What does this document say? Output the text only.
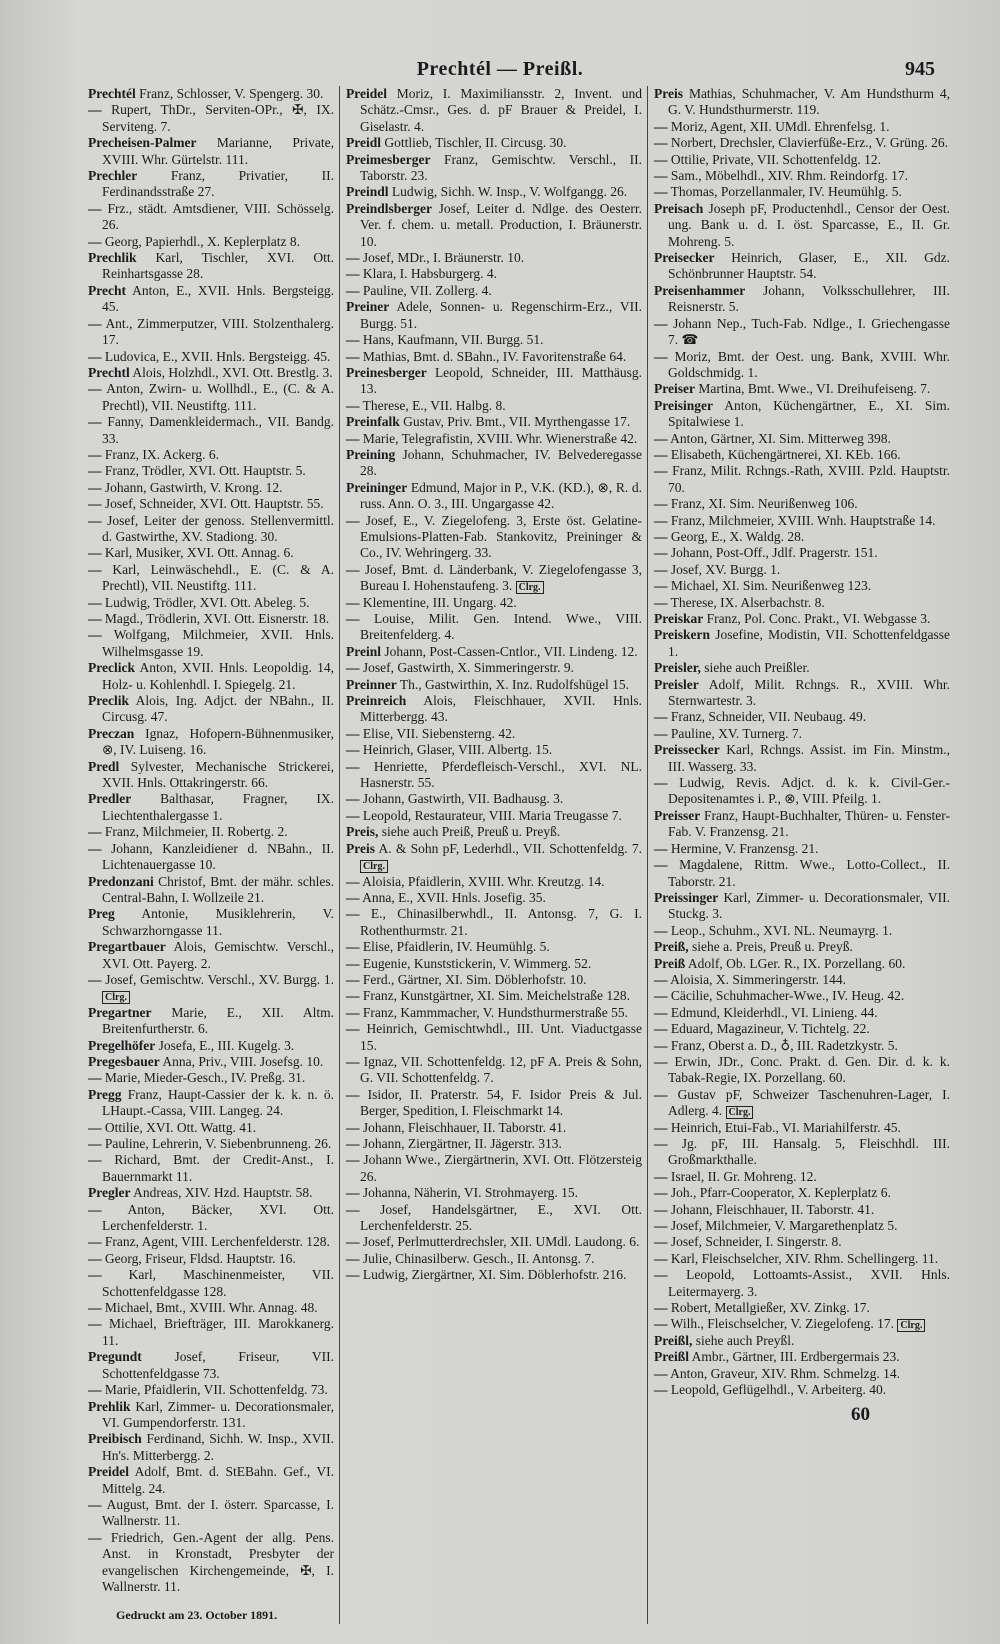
Prechtél — Preißl.	945

Prechtél Franz, Schlosser, V. Spengerg. 30.

— Rupert, ThDr., Serviten-OPr., ✠, IX. Serviteng. 7.

Precheisen-Palmer Marianne, Private, XVIII. Whr. Gürtelstr. 111.

Prechler Franz, Privatier, II. Ferdinandsstraße 27.

— Frz., städt. Amtsdiener, VIII. Schösselg. 26.

— Georg, Papierhdl., X. Keplerplatz 8.

Prechlik Karl, Tischler, XVI. Ott. Reinhartsgasse 28.

Precht Anton, E., XVII. Hnls. Bergsteigg. 45.

— Ant., Zimmerputzer, VIII. Stolzenthalerg. 17.

— Ludovica, E., XVII. Hnls. Bergsteigg. 45.

Prechtl Alois, Holzhdl., XVI. Ott. Brestlg. 3.

— Anton, Zwirn- u. Wollhdl., E., (C. & A. Prechtl), VII. Neustiftg. 111.

— Fanny, Damenkleidermach., VII. Bandg. 33.

— Franz, IX. Ackerg. 6.

— Franz, Trödler, XVI. Ott. Hauptstr. 5.

— Johann, Gastwirth, V. Krong. 12.

— Josef, Schneider, XVI. Ott. Hauptstr. 55.

— Josef, Leiter der genoss. Stellenvermittl. d. Gastwirthe, XV. Stadiong. 30.

— Karl, Musiker, XVI. Ott. Annag. 6.

— Karl, Leinwäschehdl., E. (C. & A. Prechtl), VII. Neustiftg. 111.

— Ludwig, Trödler, XVI. Ott. Abeleg. 5.

— Magd., Trödlerin, XVI. Ott. Eisnerstr. 18.

— Wolfgang, Milchmeier, XVII. Hnls. Wilhelmsgasse 19.

Preclick Anton, XVII. Hnls. Leopoldig. 14, Holz- u. Kohlenhdl. I. Spiegelg. 21.

Preclik Alois, Ing. Adjct. der NBahn., II. Circusg. 47.

Preczan Ignaz, Hofopern-Bühnenmusiker, ⊗, IV. Luiseng. 16.

Predl Sylvester, Mechanische Strickerei, XVII. Hnls. Ottakringerstr. 66.

Predler Balthasar, Fragner, IX. Liechtenthalergasse 1.

— Franz, Milchmeier, II. Robertg. 2.

— Johann, Kanzleidiener d. NBahn., II. Lichtenauergasse 10.

Predonzani Christof, Bmt. der mähr. schles. Central-Bahn, I. Wollzeile 21.

Preg Antonie, Musiklehrerin, V. Schwarzhorngasse 11.

Pregartbauer Alois, Gemischtw. Verschl., XVI. Ott. Payerg. 2.

— Josef, Gemischtw. Verschl., XV. Burgg. 1. Clrg.

Pregartner Marie, E., XII. Altm. Breitenfurtherstr. 6.

Pregelhöfer Josefa, E., III. Kugelg. 3.

Pregesbauer Anna, Priv., VIII. Josefsg. 10.

— Marie, Mieder-Gesch., IV. Preßg. 31.

Pregg Franz, Haupt-Cassier der k. k. n. ö. LHaupt.-Cassa, VIII. Langeg. 24.

— Ottilie, XVI. Ott. Wattg. 41.

— Pauline, Lehrerin, V. Siebenbrunneng. 26.

— Richard, Bmt. der Credit-Anst., I. Bauernmarkt 11.

Pregler Andreas, XIV. Hzd. Hauptstr. 58.

— Anton, Bäcker, XVI. Ott. Lerchenfelderstr. 1.

— Franz, Agent, VIII. Lerchenfelderstr. 128.

— Georg, Friseur, Fldsd. Hauptstr. 16.

— Karl, Maschinenmeister, VII. Schottenfeldgasse 128.

— Michael, Bmt., XVIII. Whr. Annag. 48.

— Michael, Briefträger, III. Marokkanerg. 11.

Pregundt Josef, Friseur, VII. Schottenfeldgasse 73.

— Marie, Pfaidlerin, VII. Schottenfeldg. 73.

Prehlik Karl, Zimmer- u. Decorationsmaler, VI. Gumpendorferstr. 131.

Preibisch Ferdinand, Sichh. W. Insp., XVII. Hn's. Mitterbergg. 2.

Preidel Adolf, Bmt. d. StEBahn. Gef., VI. Mittelg. 24.

— August, Bmt. der I. österr. Sparcasse, I. Wallnerstr. 11.

— Friedrich, Gen.-Agent der allg. Pens. Anst. in Kronstadt, Presbyter der evangelischen Kirchengemeinde, ✠, I. Wallnerstr. 11.

Gedruckt am 23. October 1891.

Preidel Moriz, I. Maximiliansstr. 2, Invent. und Schätz.-Cmsr., Ges. d. pF Brauer & Preidel, I. Giselastr. 4.

Preidl Gottlieb, Tischler, II. Circusg. 30.

Preimesberger Franz, Gemischtw. Verschl., II. Taborstr. 23.

Preindl Ludwig, Sichh. W. Insp., V. Wolfgangg. 26.

Preindlsberger Josef, Leiter d. Ndlge. des Oesterr. Ver. f. chem. u. metall. Production, I. Bräunerstr. 10.

— Josef, MDr., I. Bräunerstr. 10.

— Klara, I. Habsburgerg. 4.

— Pauline, VII. Zollerg. 4.

Preiner Adele, Sonnen- u. Regenschirm-Erz., VII. Burgg. 51.

— Hans, Kaufmann, VII. Burgg. 51.

— Mathias, Bmt. d. SBahn., IV. Favoritenstraße 64.

Preinesberger Leopold, Schneider, III. Matthäusg. 13.

— Therese, E., VII. Halbg. 8.

Preinfalk Gustav, Priv. Bmt., VII. Myrthengasse 17.

— Marie, Telegrafistin, XVIII. Whr. Wienerstraße 42.

Preining Johann, Schuhmacher, IV. Belvederegasse 28.

Preininger Edmund, Major in P., V.K. (KD.), ⊗, R. d. russ. Ann. O. 3., III. Ungargasse 42.

— Josef, E., V. Ziegelofeng. 3, Erste öst. Gelatine-Emulsions-Platten-Fab. Stankovitz, Preininger & Co., IV. Wehringerg. 33.

— Josef, Bmt. d. Länderbank, V. Ziegelofengasse 3, Bureau I. Hohenstaufeng. 3. Clrg.

— Klementine, III. Ungarg. 42.

— Louise, Milit. Gen. Intend. Wwe., VIII. Breitenfelderg. 4.

Preinl Johann, Post-Cassen-Cntlor., VII. Lindeng. 12.

— Josef, Gastwirth, X. Simmeringerstr. 9.

Preinner Th., Gastwirthin, X. Inz. Rudolfshügel 15.

Preinreich Alois, Fleischhauer, XVII. Hnls. Mitterbergg. 43.

— Elise, VII. Siebensterng. 42.

— Heinrich, Glaser, VIII. Albertg. 15.

— Henriette, Pferdefleisch-Verschl., XVI. NL. Hasnerstr. 55.

— Johann, Gastwirth, VII. Badhausg. 3.

— Leopold, Restaurateur, VIII. Maria Treugasse 7.

Preis, siehe auch Preiß, Preuß u. Preyß.

Preis A. & Sohn pF, Lederhdl., VII. Schottenfeldg. 7. Clrg.

— Aloisia, Pfaidlerin, XVIII. Whr. Kreutzg. 14.

— Anna, E., XVII. Hnls. Josefig. 35.

— E., Chinasilberwhdl., II. Antonsg. 7, G. I. Rothenthurmstr. 21.

— Elise, Pfaidlerin, IV. Heumühlg. 5.

— Eugenie, Kunststickerin, V. Wimmerg. 52.

— Ferd., Gärtner, XI. Sim. Döblerhofstr. 10.

— Franz, Kunstgärtner, XI. Sim. Meichelstraße 128.

— Franz, Kammmacher, V. Hundsthurmerstraße 55.

— Heinrich, Gemischtwhdl., III. Unt. Viaductgasse 15.

— Ignaz, VII. Schottenfeldg. 12, pF A. Preis & Sohn, G. VII. Schottenfeldg. 7.

— Isidor, II. Praterstr. 54, F. Isidor Preis & Jul. Berger, Spedition, I. Fleischmarkt 14.

— Johann, Fleischhauer, II. Taborstr. 41.

— Johann, Ziergärtner, II. Jägerstr. 313.

— Johann Wwe., Ziergärtnerin, XVI. Ott. Flötzersteig 26.

— Johanna, Näherin, VI. Strohmayerg. 15.

— Josef, Handelsgärtner, E., XVI. Ott. Lerchenfelderstr. 25.

— Josef, Perlmutterdrechsler, XII. UMdl. Laudong. 6.

— Julie, Chinasilberw. Gesch., II. Antonsg. 7.

— Ludwig, Ziergärtner, XI. Sim. Döblerhofstr. 216.

Preis Mathias, Schuhmacher, V. Am Hundsthurm 4, G. V. Hundsthurmerstr. 119.

— Moriz, Agent, XII. UMdl. Ehrenfelsg. 1.

— Norbert, Drechsler, Clavierfüße-Erz., V. Grüng. 26.

— Ottilie, Private, VII. Schottenfeldg. 12.

— Sam., Möbelhdl., XIV. Rhm. Reindorfg. 17.

— Thomas, Porzellanmaler, IV. Heumühlg. 5.

Preisach Joseph pF, Productenhdl., Censor der Oest. ung. Bank u. d. I. öst. Sparcasse, E., II. Gr. Mohreng. 5.

Preisecker Heinrich, Glaser, E., XII. Gdz. Schönbrunner Hauptstr. 54.

Preisenhammer Johann, Volksschullehrer, III. Reisnerstr. 5.

— Johann Nep., Tuch-Fab. Ndlge., I. Griechengasse 7. ☎

— Moriz, Bmt. der Oest. ung. Bank, XVIII. Whr. Goldschmidg. 1.

Preiser Martina, Bmt. Wwe., VI. Dreihufeiseng. 7.

Preisinger Anton, Küchengärtner, E., XI. Sim. Spitalwiese 1.

— Anton, Gärtner, XI. Sim. Mitterweg 398.

— Elisabeth, Küchengärtnerei, XI. KEb. 166.

— Franz, Milit. Rchngs.-Rath, XVIII. Pzld. Hauptstr. 70.

— Franz, XI. Sim. Neurißenweg 106.

— Franz, Milchmeier, XVIII. Wnh. Hauptstraße 14.

— Georg, E., X. Waldg. 28.

— Johann, Post-Off., Jdlf. Pragerstr. 151.

— Josef, XV. Burgg. 1.

— Michael, XI. Sim. Neurißenweg 123.

— Therese, IX. Alserbachstr. 8.

Preiskar Franz, Pol. Conc. Prakt., VI. Webgasse 3.

Preiskern Josefine, Modistin, VII. Schottenfeldgasse 1.

Preisler, siehe auch Preißler.

Preisler Adolf, Milit. Rchngs. R., XVIII. Whr. Sternwartestr. 3.

— Franz, Schneider, VII. Neubaug. 49.

— Pauline, XV. Turnerg. 7.

Preissecker Karl, Rchngs. Assist. im Fin. Minstm., III. Wasserg. 33.

— Ludwig, Revis. Adjct. d. k. k. Civil-Ger.-Depositenamtes i. P., ⊗, VIII. Pfeilg. 1.

Preisser Franz, Haupt-Buchhalter, Thüren- u. Fenster-Fab. V. Franzensg. 21.

— Hermine, V. Franzensg. 21.

— Magdalene, Rittm. Wwe., Lotto-Collect., II. Taborstr. 21.

Preissinger Karl, Zimmer- u. Decorationsmaler, VII. Stuckg. 3.

— Leop., Schuhm., XVI. NL. Neumayrg. 1.

Preiß, siehe a. Preis, Preuß u. Preyß.

Preiß Adolf, Ob. LGer. R., IX. Porzellang. 60.

— Aloisia, X. Simmeringerstr. 144.

— Cäcilie, Schuhmacher-Wwe., IV. Heug. 42.

— Edmund, Kleiderhdl., VI. Linieng. 44.

— Eduard, Magazineur, V. Tichtelg. 22.

— Franz, Oberst a. D., ♁, III. Radetzkystr. 5.

— Erwin, JDr., Conc. Prakt. d. Gen. Dir. d. k. k. Tabak-Regie, IX. Porzellang. 60.

— Gustav pF, Schweizer Taschenuhren-Lager, I. Adlerg. 4. Clrg.

— Heinrich, Etui-Fab., VI. Mariahilferstr. 45.

— Jg. pF, III. Hansalg. 5, Fleischhdl. III. Großmarkthalle.

— Israel, II. Gr. Mohreng. 12.

— Joh., Pfarr-Cooperator, X. Keplerplatz 6.

— Johann, Fleischhauer, II. Taborstr. 41.

— Josef, Milchmeier, V. Margarethenplatz 5.

— Josef, Schneider, I. Singerstr. 8.

— Karl, Fleischselcher, XIV. Rhm. Schellingerg. 11.

— Leopold, Lottoamts-Assist., XVII. Hnls. Leitermayerg. 3.

— Robert, Metallgießer, XV. Zinkg. 17.

— Wilh., Fleischselcher, V. Ziegelofeng. 17. Clrg.

Preißl, siehe auch Preyßl.

Preißl Ambr., Gärtner, III. Erdbergermais 23.

— Anton, Graveur, XIV. Rhm. Schmelzg. 14.

— Leopold, Geflügelhdl., V. Arbeiterg. 40.

60
